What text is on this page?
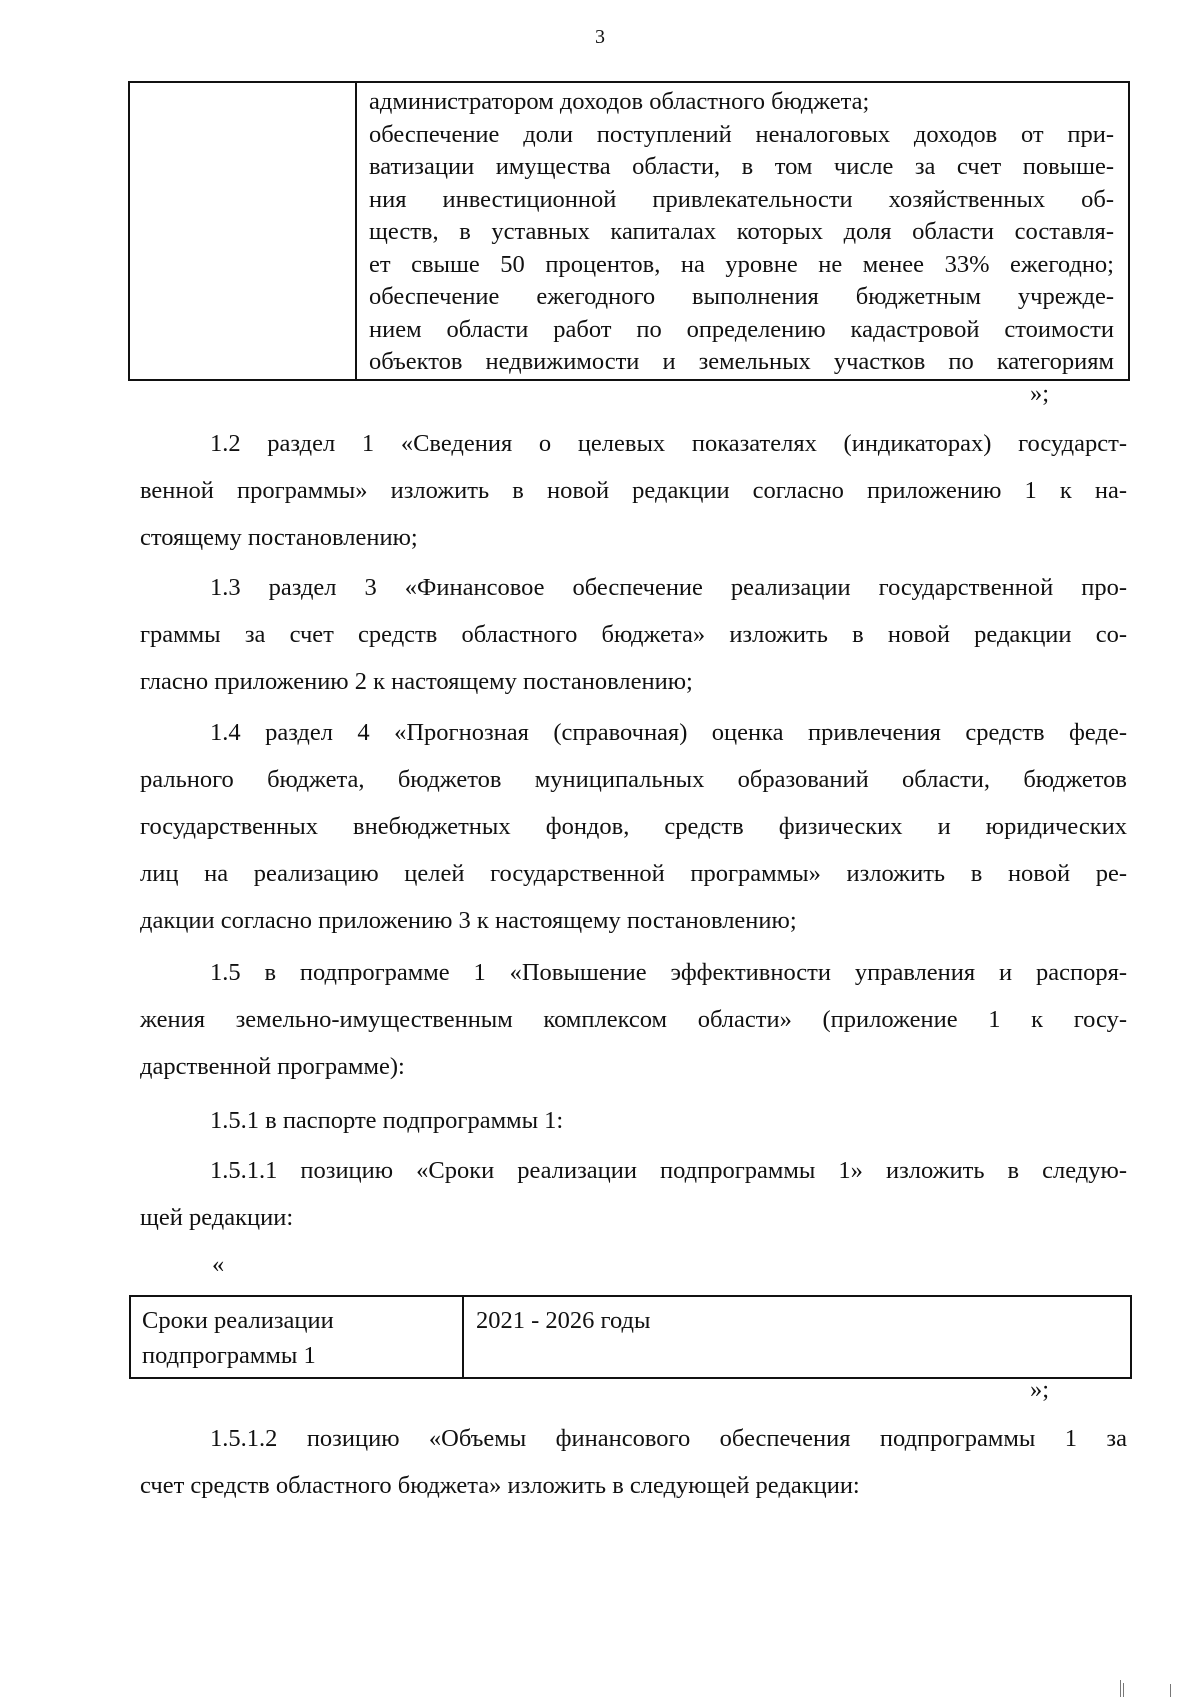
3

администратором доходов областного бюджета;
обеспечение доли поступлений неналоговых доходов от при-
ватизации имущества области, в том числе за счет повыше-
ния инвестиционной привлекательности хозяйственных об-
ществ, в уставных капиталах которых доля области составля-
ет свыше 50 процентов, на уровне не менее 33% ежегодно;
обеспечение ежегодного выполнения бюджетным учрежде-
нием области работ по определению кадастровой стоимости
объектов недвижимости и земельных участков по категориям
»;
1.2 раздел 1 «Сведения о целевых показателях (индикаторах) государст-
венной программы» изложить в новой редакции согласно приложению 1 к на-
стоящему постановлению;
1.3 раздел 3 «Финансовое обеспечение реализации государственной про-
граммы за счет средств областного бюджета» изложить в новой редакции со-
гласно приложению 2 к настоящему постановлению;
1.4 раздел 4 «Прогнозная (справочная) оценка привлечения средств феде-
рального бюджета, бюджетов муниципальных образований области, бюджетов
государственных внебюджетных фондов, средств физических и юридических
лиц на реализацию целей государственной программы» изложить в новой ре-
дакции согласно приложению 3 к настоящему постановлению;
1.5 в подпрограмме 1 «Повышение эффективности управления и распоря-
жения земельно-имущественным комплексом области» (приложение 1 к госу-
дарственной программе):
1.5.1 в паспорте подпрограммы 1:
1.5.1.1 позицию «Сроки реализации подпрограммы 1» изложить в следую-
щей редакции:
«
Сроки реализации
подпрограммы 1

2021 - 2026 годы
»;
1.5.1.2 позицию «Объемы финансового обеспечения подпрограммы 1 за
счет средств областного бюджета» изложить в следующей редакции:
